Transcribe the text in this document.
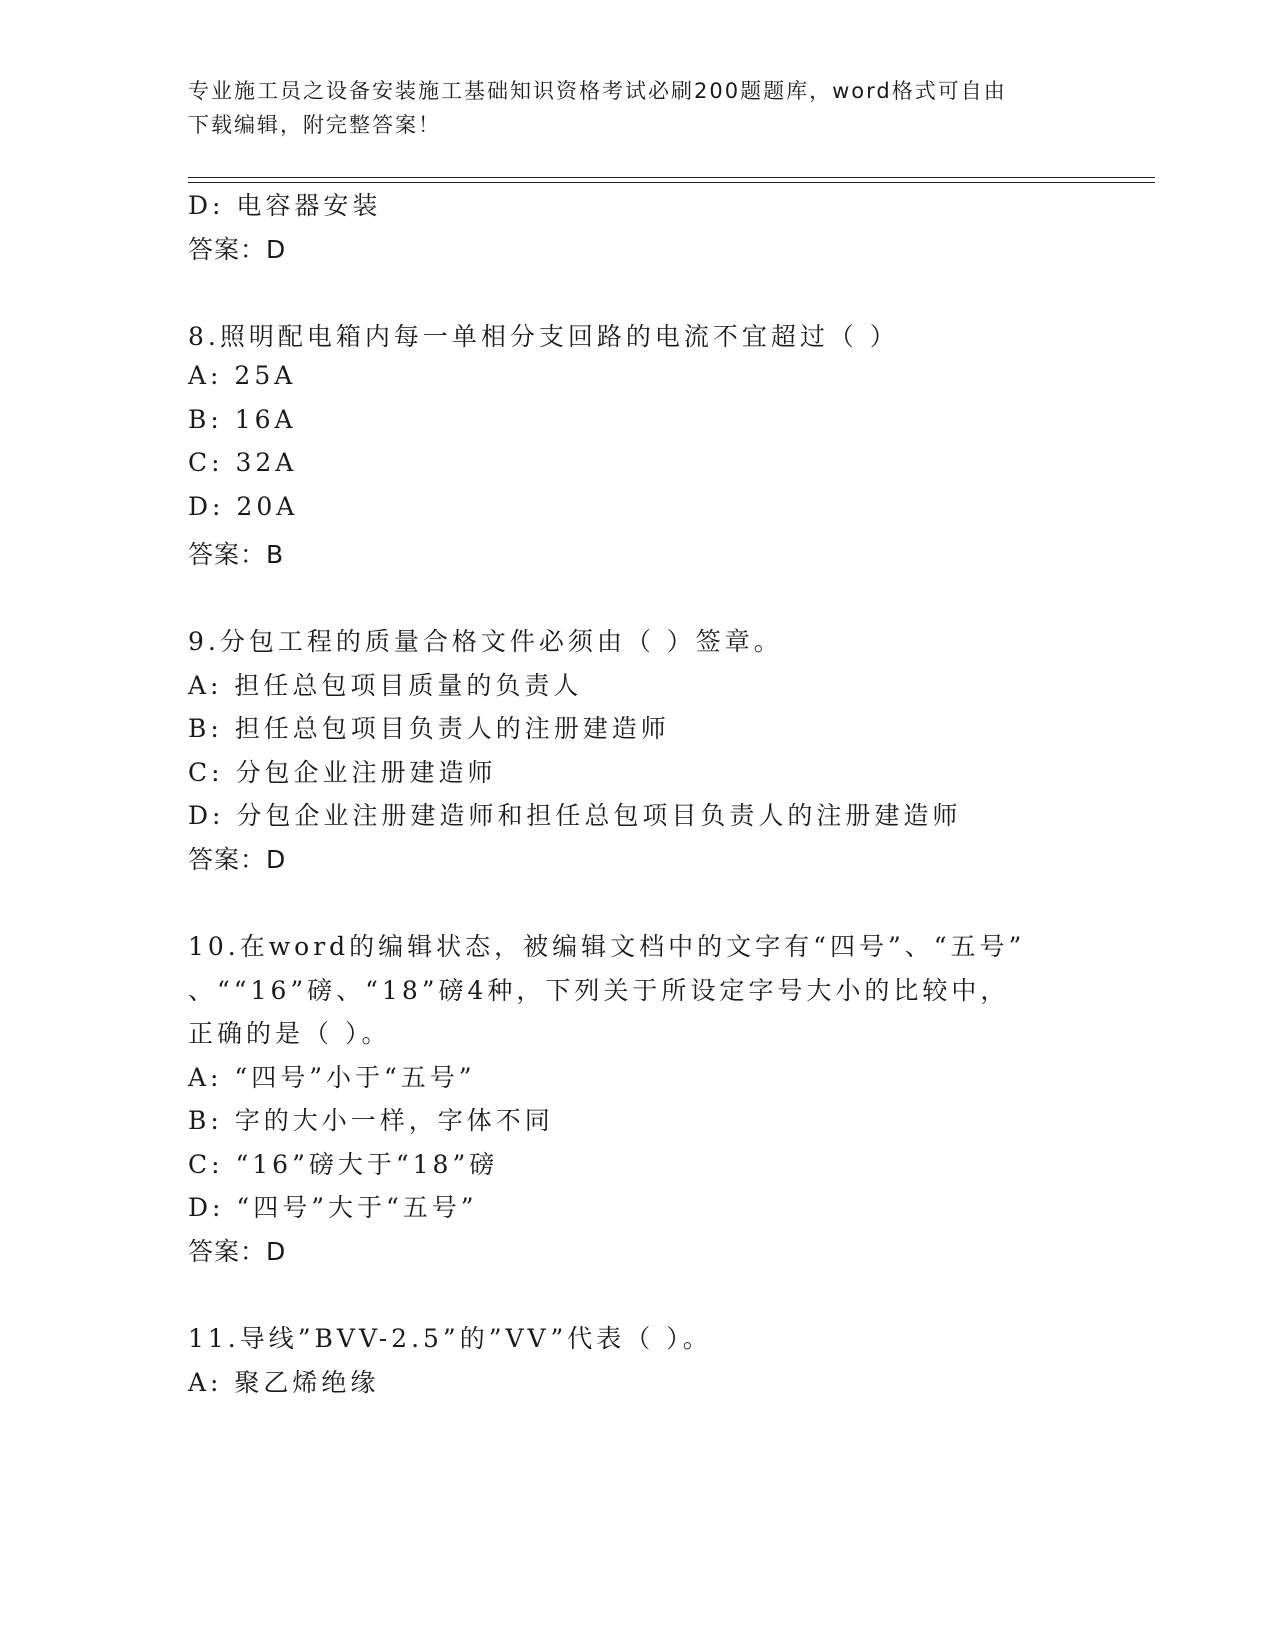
专业施工员之设备安装施工基础知识资格考试必刷200题题库，word格式可自由
下载编辑，附完整答案！
D: 电容器安装
答案：D
8.照明配电箱内每一单相分支回路的电流不宜超过（ ）
A: 25A
B: 16A
C: 32A
D: 20A
答案：B
9.分包工程的质量合格文件必须由（ ）签章。
A: 担任总包项目质量的负责人
B: 担任总包项目负责人的注册建造师
C: 分包企业注册建造师
D: 分包企业注册建造师和担任总包项目负责人的注册建造师
答案：D
10.在word的编辑状态，被编辑文档中的文字有“四号”、“五号”
、““16”磅、“18”磅4种，下列关于所设定字号大小的比较中，
正确的是（ ）。
A: “四号”小于“五号”
B: 字的大小一样，字体不同
C: “16”磅大于“18”磅
D: “四号”大于“五号”
答案：D
11.导线”BVV-2.5”的”VV”代表（ ）。
A: 聚乙烯绝缘
